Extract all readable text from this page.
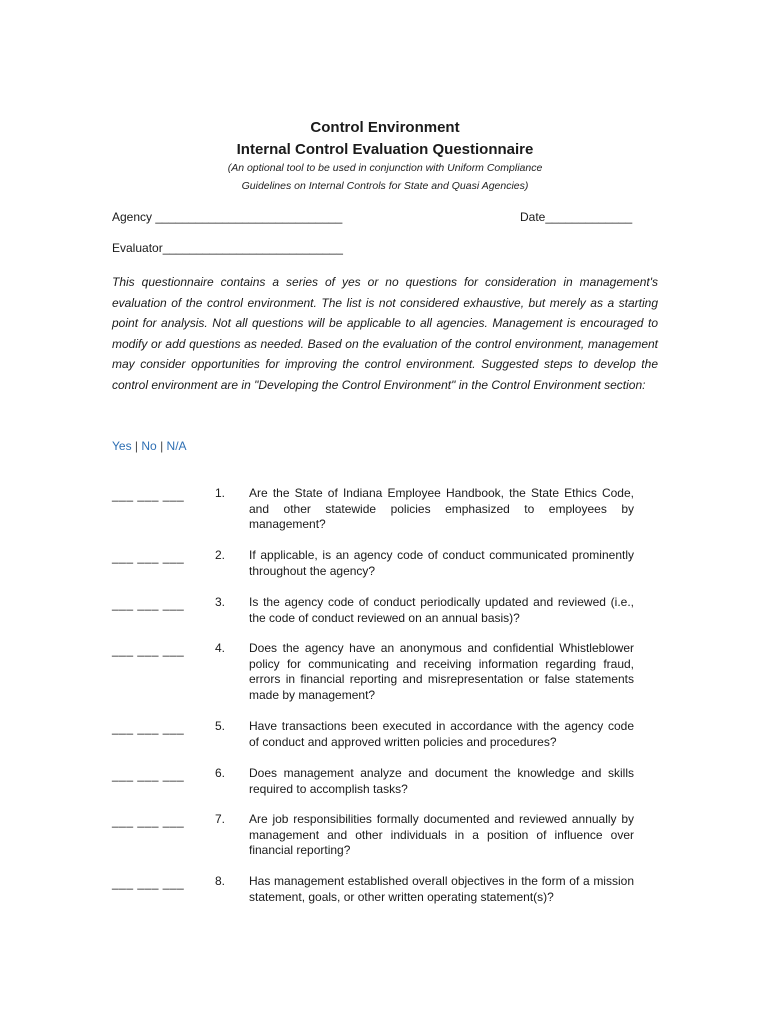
Control Environment
Internal Control Evaluation Questionnaire
(An optional tool to be used in conjunction with Uniform Compliance
Guidelines on Internal Controls for State and Quasi Agencies)
Agency ____________________________	Date_____________
Evaluator___________________________
This questionnaire contains a series of yes or no questions for consideration in management's evaluation of the control environment. The list is not considered exhaustive, but merely as a starting point for analysis. Not all questions will be applicable to all agencies. Management is encouraged to modify or add questions as needed. Based on the evaluation of the control environment, management may consider opportunities for improving the control environment. Suggested steps to develop the control environment are in "Developing the Control Environment" in the Control Environment section:
Yes | No | N/A
___ ___ ___	1. Are the State of Indiana Employee Handbook, the State Ethics Code, and other statewide policies emphasized to employees by management?
___ ___ ___	2. If applicable, is an agency code of conduct communicated prominently throughout the agency?
___ ___ ___	3. Is the agency code of conduct periodically updated and reviewed (i.e., the code of conduct reviewed on an annual basis)?
___ ___ ___	4. Does the agency have an anonymous and confidential Whistleblower policy for communicating and receiving information regarding fraud, errors in financial reporting and misrepresentation or false statements made by management?
___ ___ ___	5. Have transactions been executed in accordance with the agency code of conduct and approved written policies and procedures?
___ ___ ___	6. Does management analyze and document the knowledge and skills required to accomplish tasks?
___ ___ ___	7. Are job responsibilities formally documented and reviewed annually by management and other individuals in a position of influence over financial reporting?
___ ___ ___	8. Has management established overall objectives in the form of a mission statement, goals, or other written operating statement(s)?
